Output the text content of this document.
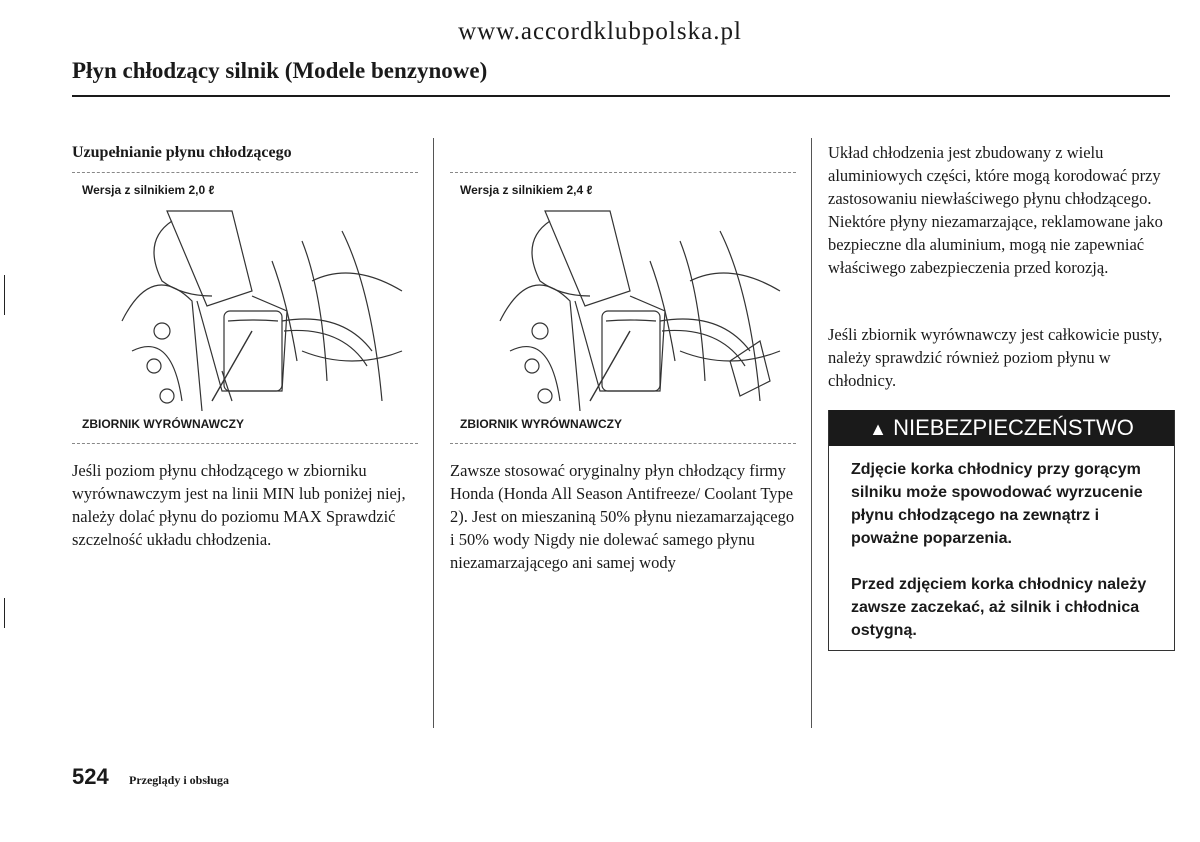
www.accordklubpolska.pl
Płyn chłodzący silnik (Modele benzynowe)
Uzupełnianie płynu chłodzącego
Wersja z silnikiem 2,0 ℓ
ZBIORNIK WYRÓWNAWCZY
Jeśli poziom płynu chłodzącego w zbiorniku wyrównawczym jest na linii MIN lub poniżej niej, należy dolać płynu do poziomu MAX Sprawdzić szczelność układu chłodzenia.
Wersja z silnikiem 2,4 ℓ
ZBIORNIK WYRÓWNAWCZY
Zawsze stosować oryginalny płyn chłodzący firmy Honda (Honda All Season Antifreeze/ Coolant Type 2). Jest on mieszaniną 50% płynu niezamarzającego i 50% wody Nigdy nie dolewać samego płynu niezamarzającego ani samej wody
Układ chłodzenia jest zbudowany z wielu aluminiowych części, które mogą korodować przy zastosowaniu niewłaściwego płynu chłodzącego. Niektóre płyny niezamarzające, reklamowane jako bezpieczne dla aluminium, mogą nie zapewniać właściwego zabezpieczenia przed korozją.
Jeśli zbiornik wyrównawczy jest całkowicie pusty, należy sprawdzić również poziom płynu w chłodnicy.
▲ NIEBEZPIECZEŃSTWO
Zdjęcie korka chłodnicy przy gorącym silniku może spowodować wyrzucenie płynu chłodzącego na zewnątrz i poważne poparzenia.
Przed zdjęciem korka chłodnicy należy zawsze zaczekać, aż silnik i chłodnica ostygną.
524 Przeglądy i obsługa
